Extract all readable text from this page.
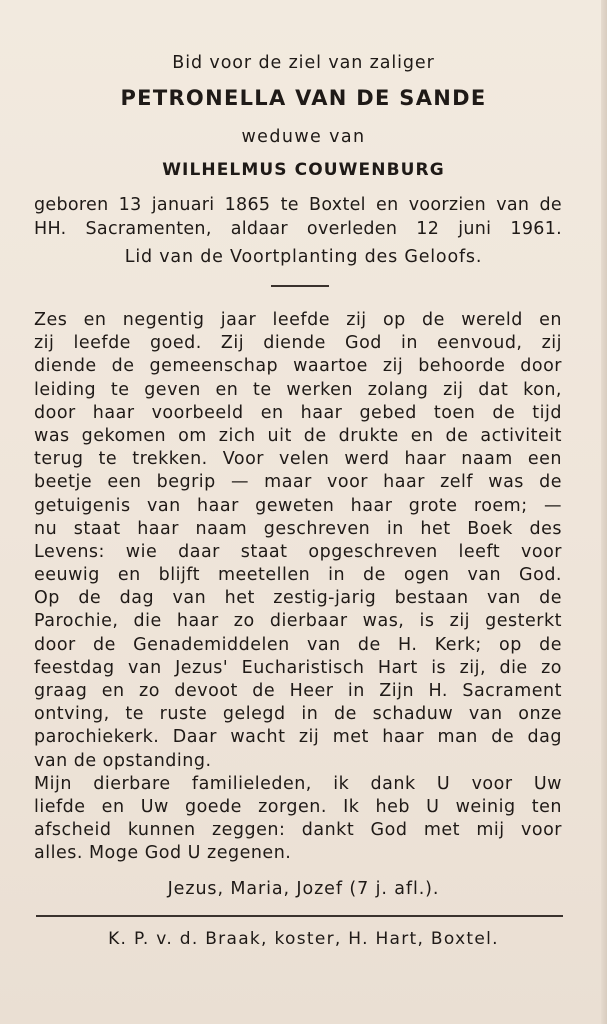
Bid voor de ziel van zaliger
PETRONELLA VAN DE SANDE
weduwe van
WILHELMUS COUWENBURG
geboren 13 januari 1865 te Boxtel en voorzien van de
HH. Sacramenten, aldaar overleden 12 juni 1961.
Lid van de Voortplanting des Geloofs.
Zes en negentig jaar leefde zij op de wereld en
zij leefde goed. Zij diende God in eenvoud, zij
diende de gemeenschap waartoe zij behoorde door
leiding te geven en te werken zolang zij dat kon,
door haar voorbeeld en haar gebed toen de tijd
was gekomen om zich uit de drukte en de activiteit
terug te trekken. Voor velen werd haar naam een
beetje een begrip — maar voor haar zelf was de
getuigenis van haar geweten haar grote roem; —
nu staat haar naam geschreven in het Boek des
Levens: wie daar staat opgeschreven leeft voor
eeuwig en blijft meetellen in de ogen van God.
Op de dag van het zestig-jarig bestaan van de
Parochie, die haar zo dierbaar was, is zij gesterkt
door de Genademiddelen van de H. Kerk; op de
feestdag van Jezus' Eucharistisch Hart is zij, die zo
graag en zo devoot de Heer in Zijn H. Sacrament
ontving, te ruste gelegd in de schaduw van onze
parochiekerk. Daar wacht zij met haar man de dag
van de opstanding.
Mijn dierbare familieleden, ik dank U voor Uw
liefde en Uw goede zorgen. Ik heb U weinig ten
afscheid kunnen zeggen: dankt God met mij voor
alles. Moge God U zegenen.
Jezus, Maria, Jozef (7 j. afl.).
K. P. v. d. Braak, koster, H. Hart, Boxtel.
